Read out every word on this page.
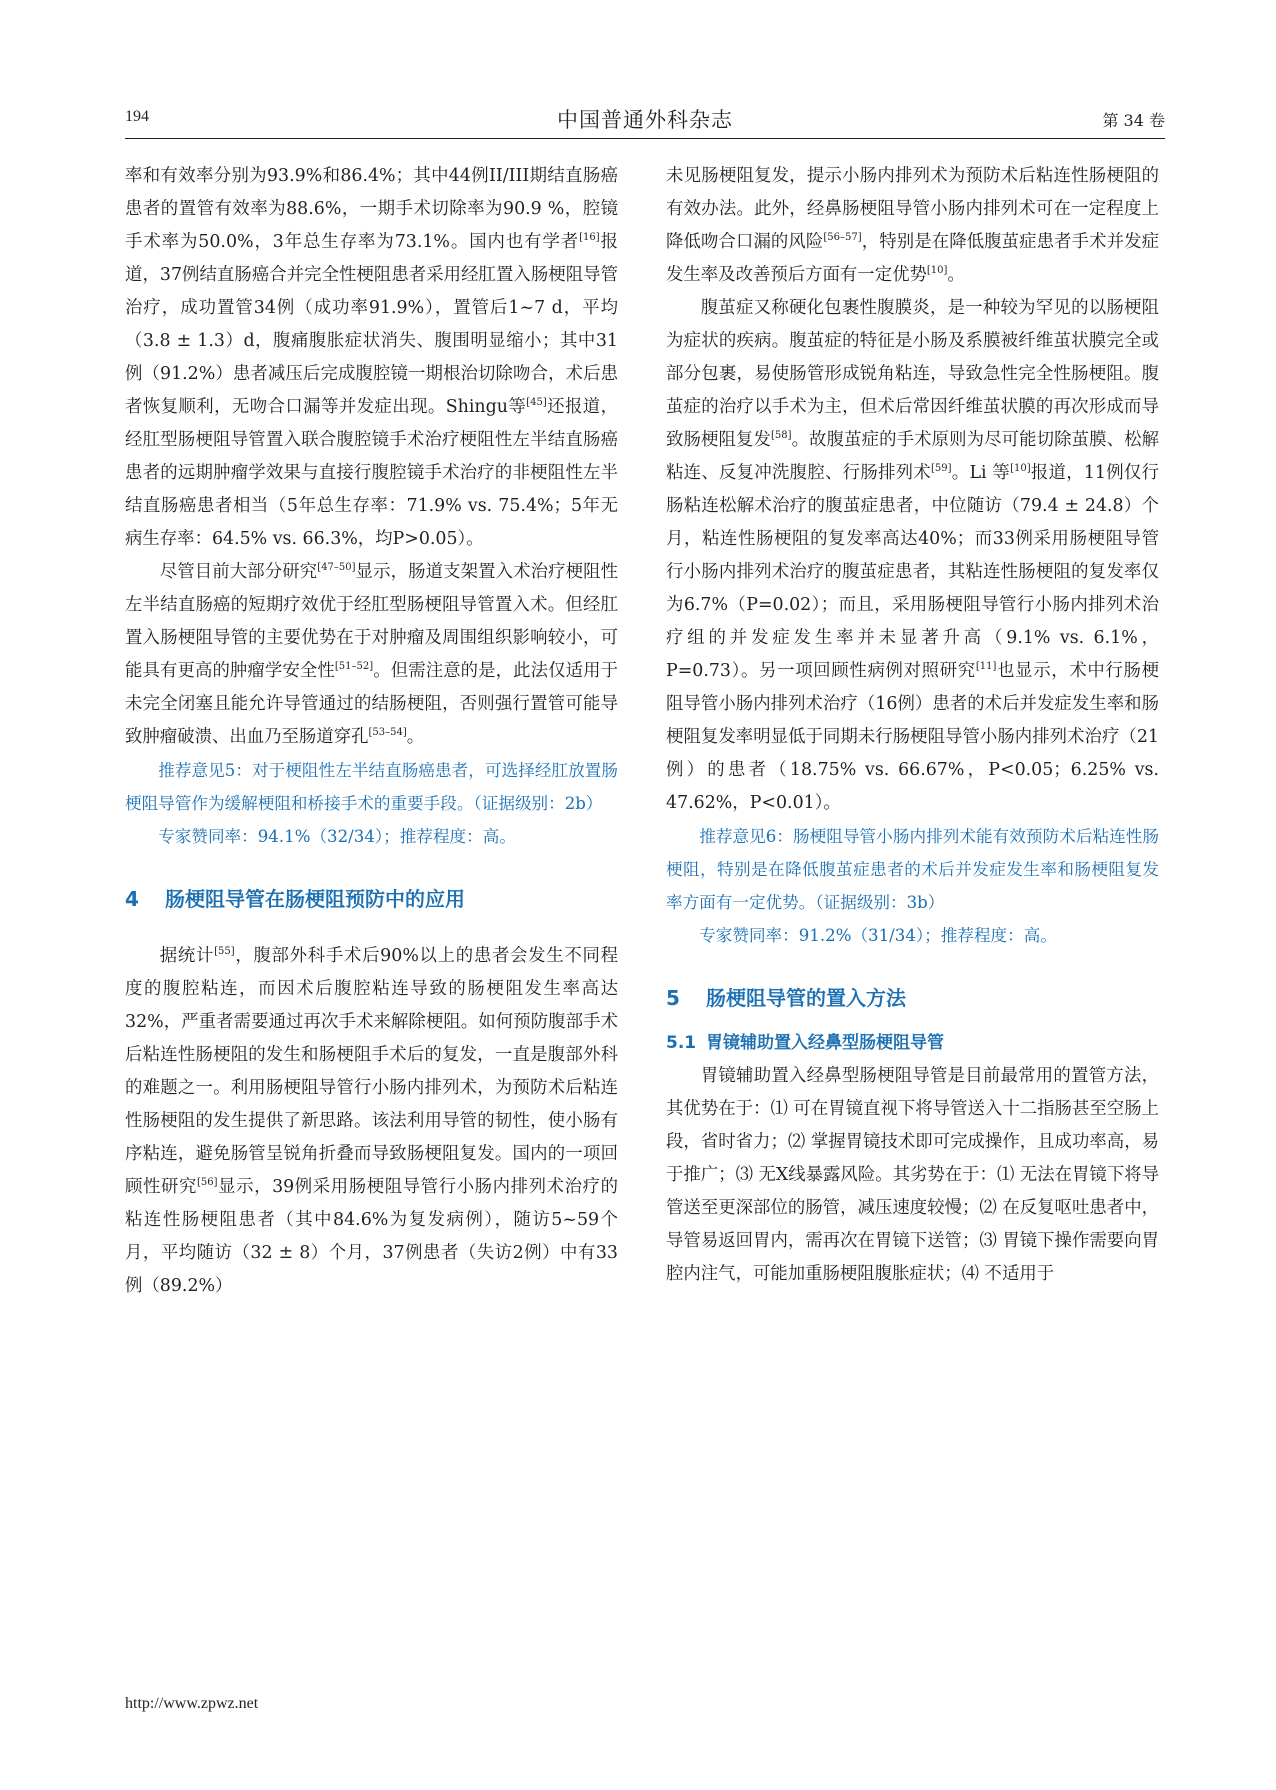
194	中国普通外科杂志	第 34 卷

率和有效率分别为93.9%和86.4%；其中44例II/III期结直肠癌患者的置管有效率为88.6%，一期手术切除率为90.9 %，腔镜手术率为50.0%，3年总生存率为73.1%。国内也有学者[16]报道，37例结直肠癌合并完全性梗阻患者采用经肛置入肠梗阻导管治疗，成功置管34例（成功率91.9%），置管后1~7 d，平均（3.8 ± 1.3）d，腹痛腹胀症状消失、腹围明显缩小；其中31例（91.2%）患者减压后完成腹腔镜一期根治切除吻合，术后患者恢复顺利，无吻合口漏等并发症出现。Shingu等[45]还报道，经肛型肠梗阻导管置入联合腹腔镜手术治疗梗阻性左半结直肠癌患者的远期肿瘤学效果与直接行腹腔镜手术治疗的非梗阻性左半结直肠癌患者相当（5年总生存率：71.9% vs. 75.4%；5年无病生存率：64.5% vs. 66.3%，均P>0.05）。

尽管目前大部分研究[47–50]显示，肠道支架置入术治疗梗阻性左半结直肠癌的短期疗效优于经肛型肠梗阻导管置入术。但经肛置入肠梗阻导管的主要优势在于对肿瘤及周围组织影响较小，可能具有更高的肿瘤学安全性[51–52]。但需注意的是，此法仅适用于未完全闭塞且能允许导管通过的结肠梗阻，否则强行置管可能导致肿瘤破溃、出血乃至肠道穿孔[53–54]。

推荐意见5：对于梗阻性左半结直肠癌患者，可选择经肛放置肠梗阻导管作为缓解梗阻和桥接手术的重要手段。（证据级别：2b）

专家赞同率：94.1%（32/34）；推荐程度：高。

4 肠梗阻导管在肠梗阻预防中的应用

据统计[55]，腹部外科手术后90%以上的患者会发生不同程度的腹腔粘连，而因术后腹腔粘连导致的肠梗阻发生率高达32%，严重者需要通过再次手术来解除梗阻。如何预防腹部手术后粘连性肠梗阻的发生和肠梗阻手术后的复发，一直是腹部外科的难题之一。利用肠梗阻导管行小肠内排列术，为预防术后粘连性肠梗阻的发生提供了新思路。该法利用导管的韧性，使小肠有序粘连，避免肠管呈锐角折叠而导致肠梗阻复发。国内的一项回顾性研究[56]显示，39例采用肠梗阻导管行小肠内排列术治疗的粘连性肠梗阻患者（其中84.6%为复发病例），随访5~59个月，平均随访（32 ± 8）个月，37例患者（失访2例）中有33例（89.2%）

未见肠梗阻复发，提示小肠内排列术为预防术后粘连性肠梗阻的有效办法。此外，经鼻肠梗阻导管小肠内排列术可在一定程度上降低吻合口漏的风险[56–57]，特别是在降低腹茧症患者手术并发症发生率及改善预后方面有一定优势[10]。

腹茧症又称硬化包裹性腹膜炎，是一种较为罕见的以肠梗阻为症状的疾病。腹茧症的特征是小肠及系膜被纤维茧状膜完全或部分包裹，易使肠管形成锐角粘连，导致急性完全性肠梗阻。腹茧症的治疗以手术为主，但术后常因纤维茧状膜的再次形成而导致肠梗阻复发[58]。故腹茧症的手术原则为尽可能切除茧膜、松解粘连、反复冲洗腹腔、行肠排列术[59]。Li 等[10]报道，11例仅行肠粘连松解术治疗的腹茧症患者，中位随访（79.4 ± 24.8）个月，粘连性肠梗阻的复发率高达40%；而33例采用肠梗阻导管行小肠内排列术治疗的腹茧症患者，其粘连性肠梗阻的复发率仅为6.7%（P=0.02）；而且，采用肠梗阻导管行小肠内排列术治疗组的并发症发生率并未显著升高（9.1% vs. 6.1%，P=0.73）。另一项回顾性病例对照研究[11]也显示，术中行肠梗阻导管小肠内排列术治疗（16例）患者的术后并发症发生率和肠梗阻复发率明显低于同期未行肠梗阻导管小肠内排列术治疗（21例）的患者（18.75% vs. 66.67%，P<0.05；6.25% vs. 47.62%，P<0.01）。

推荐意见6：肠梗阻导管小肠内排列术能有效预防术后粘连性肠梗阻，特别是在降低腹茧症患者的术后并发症发生率和肠梗阻复发率方面有一定优势。（证据级别：3b）

专家赞同率：91.2%（31/34）；推荐程度：高。

5 肠梗阻导管的置入方法
5.1 胃镜辅助置入经鼻型肠梗阻导管

胃镜辅助置入经鼻型肠梗阻导管是目前最常用的置管方法，其优势在于：⑴ 可在胃镜直视下将导管送入十二指肠甚至空肠上段，省时省力；⑵ 掌握胃镜技术即可完成操作，且成功率高，易于推广；⑶ 无X线暴露风险。其劣势在于：⑴ 无法在胃镜下将导管送至更深部位的肠管，减压速度较慢；⑵ 在反复呕吐患者中，导管易返回胃内，需再次在胃镜下送管；⑶ 胃镜下操作需要向胃腔内注气，可能加重肠梗阻腹胀症状；⑷ 不适用于

http://www.zpwz.net
